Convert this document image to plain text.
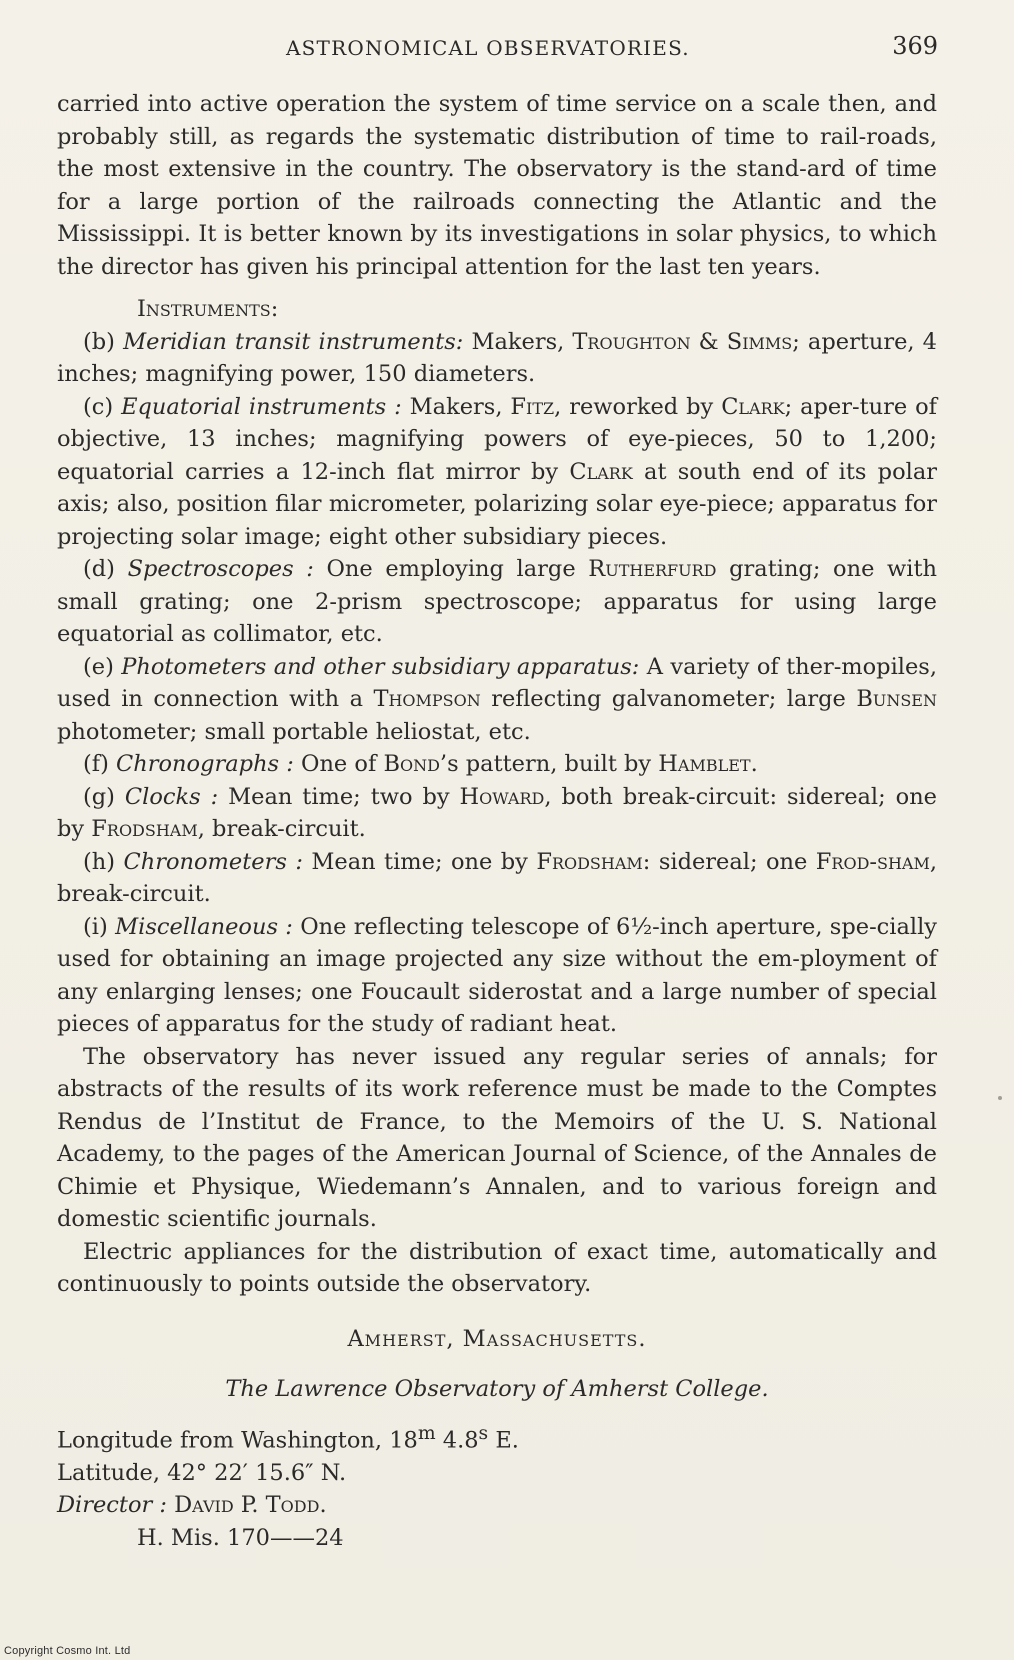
ASTRONOMICAL OBSERVATORIES.	369

carried into active operation the system of time service on a scale then, and probably still, as regards the systematic distribution of time to rail-roads, the most extensive in the country. The observatory is the stand-ard of time for a large portion of the railroads connecting the Atlantic and the Mississippi. It is better known by its investigations in solar physics, to which the director has given his principal attention for the last ten years.

Instruments:

(b) Meridian transit instruments: Makers, Troughton & Simms; aperture, 4 inches; magnifying power, 150 diameters.

(c) Equatorial instruments : Makers, Fitz, reworked by Clark; aper-ture of objective, 13 inches; magnifying powers of eye-pieces, 50 to 1,200; equatorial carries a 12-inch flat mirror by Clark at south end of its polar axis; also, position filar micrometer, polarizing solar eye-piece; apparatus for projecting solar image; eight other subsidiary pieces.

(d) Spectroscopes : One employing large Rutherfurd grating; one with small grating; one 2-prism spectroscope; apparatus for using large equatorial as collimator, etc.

(e) Photometers and other subsidiary apparatus: A variety of ther-mopiles, used in connection with a Thompson reflecting galvanometer; large Bunsen photometer; small portable heliostat, etc.

(f) Chronographs : One of Bond’s pattern, built by Hamblet.

(g) Clocks : Mean time; two by Howard, both break-circuit: sidereal; one by Frodsham, break-circuit.

(h) Chronometers : Mean time; one by Frodsham: sidereal; one Frod-sham, break-circuit.

(i) Miscellaneous : One reflecting telescope of 6½-inch aperture, spe-cially used for obtaining an image projected any size without the em-ployment of any enlarging lenses; one Foucault siderostat and a large number of special pieces of apparatus for the study of radiant heat.

The observatory has never issued any regular series of annals; for abstracts of the results of its work reference must be made to the Comptes Rendus de l’Institut de France, to the Memoirs of the U. S. National Academy, to the pages of the American Journal of Science, of the Annales de Chimie et Physique, Wiedemann’s Annalen, and to various foreign and domestic scientific journals.

Electric appliances for the distribution of exact time, automatically and continuously to points outside the observatory.

Amherst, Massachusetts.

The Lawrence Observatory of Amherst College.

Longitude from Washington, 18$^m$ 4.8$^s$ E.

Latitude, 42° 22′ 15.6″ N.

Director : David P. Todd.

H. Mis. 170——24

Copyright Cosmo Int. Ltd
